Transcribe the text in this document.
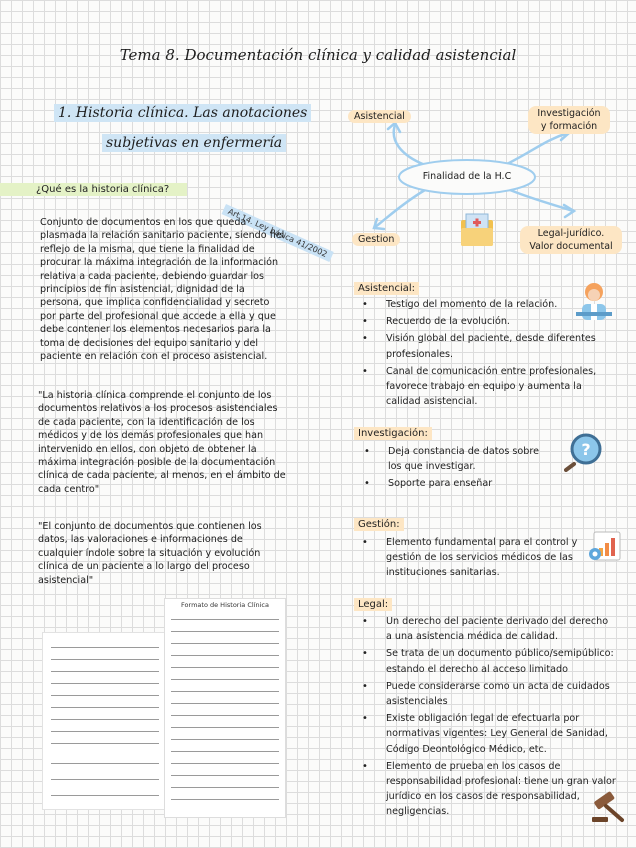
Tema 8. Documentación clínica y calidad asistencial
1. Historia clínica. Las anotaciones
subjetivas en enfermería
¿Qué es la historia clínica?
Art 14. Ley básica 41/2002
Conjunto de documentos en los que queda plasmada la relación sanitario paciente, siendo fiel reflejo de la misma, que tiene la finalidad de procurar la máxima integración de la información relativa a cada paciente, debiendo guardar los principios de fin asistencial, dignidad de la persona, que implica confidencialidad y secreto por parte del profesional que accede a ella y que debe contener los elementos necesarios para la toma de decisiones del equipo sanitario y del paciente en relación con el proceso asistencial.
"La historia clínica comprende el conjunto de los documentos relativos a los procesos asistenciales de cada paciente, con la identificación de los médicos y de los demás profesionales que han intervenido en ellos, con objeto de obtener la máxima integración posible de la documentación clínica de cada paciente, al menos, en el ámbito de cada centro"
"El conjunto de documentos que contienen los datos, las valoraciones e informaciones de cualquier índole sobre la situación y evolución clínica de un paciente a lo largo del proceso asistencial"
Finalidad de la H.C
Asistencial	Investigación y formación
Gestion
Legal-jurídico. Valor documental
Asistencial:
• Testigo del momento de la relación.
• Recuerdo de la evolución.
• Visión global del paciente, desde diferentes profesionales.
• Canal de comunicación entre profesionales, favorece trabajo en equipo y aumenta la calidad asistencial.
Investigación:
• Deja constancia de datos sobre los que investigar.
• Soporte para enseñar
?
Gestión:
• Elemento fundamental para el control y gestión de los servicios médicos de las instituciones sanitarias.
Legal:
• Un derecho del paciente derivado del derecho a una asistencia médica de calidad.
• Se trata de un documento público/semipúblico: estando el derecho al acceso limitado
• Puede considerarse como un acta de cuidados asistenciales
• Existe obligación legal de efectuarla por normativas vigentes: Ley General de Sanidad, Código Deontológico Médico, etc.
• Elemento de prueba en los casos de responsabilidad profesional: tiene un gran valor jurídico en los casos de responsabilidad, negligencias.
Formato de Historia Clínica
